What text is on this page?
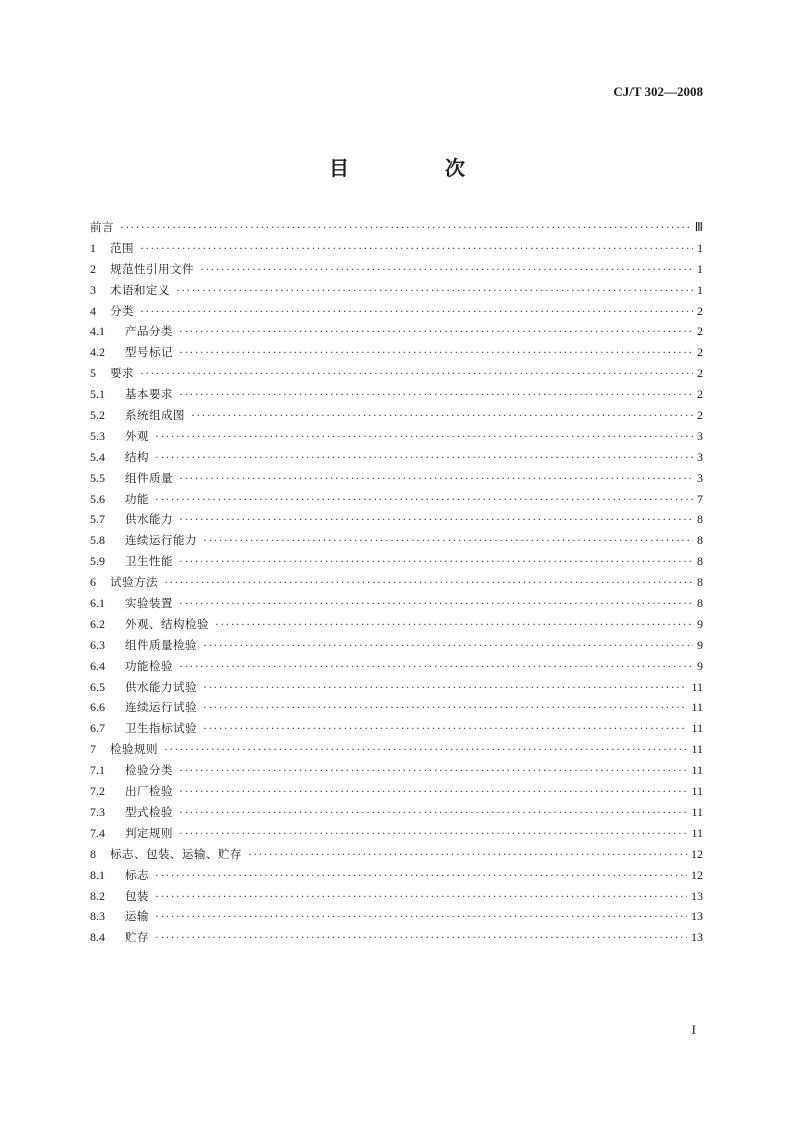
CJ/T 302—2008
目　次
前言 ·····	Ⅲ
1	范围 ·····	1
2	规范性引用文件 ·····	1
3	术语和定义 ·····	1
4	分类 ·····	2
4.1	产品分类 ·····	2
4.2	型号标记 ·····	2
5	要求 ·····	2
5.1	基本要求 ·····	2
5.2	系统组成图 ·····	2
5.3	外观 ·····	3
5.4	结构 ·····	3
5.5	组件质量 ·····	3
5.6	功能 ·····	7
5.7	供水能力 ·····	8
5.8	连续运行能力 ·····	8
5.9	卫生性能 ·····	8
6	试验方法 ·····	8
6.1	实验装置 ·····	8
6.2	外观、结构检验 ·····	9
6.3	组件质量检验 ·····	9
6.4	功能检验 ·····	9
6.5	供水能力试验 ·····	11
6.6	连续运行试验 ·····	11
6.7	卫生指标试验 ·····	11
7	检验规则 ·····	11
7.1	检验分类 ·····	11
7.2	出厂检验 ·····	11
7.3	型式检验 ·····	11
7.4	判定规则 ·····	11
8	标志、包装、运输、贮存 ·····	12
8.1	标志 ·····	12
8.2	包装 ·····	13
8.3	运输 ·····	13
8.4	贮存 ·····	13
I
